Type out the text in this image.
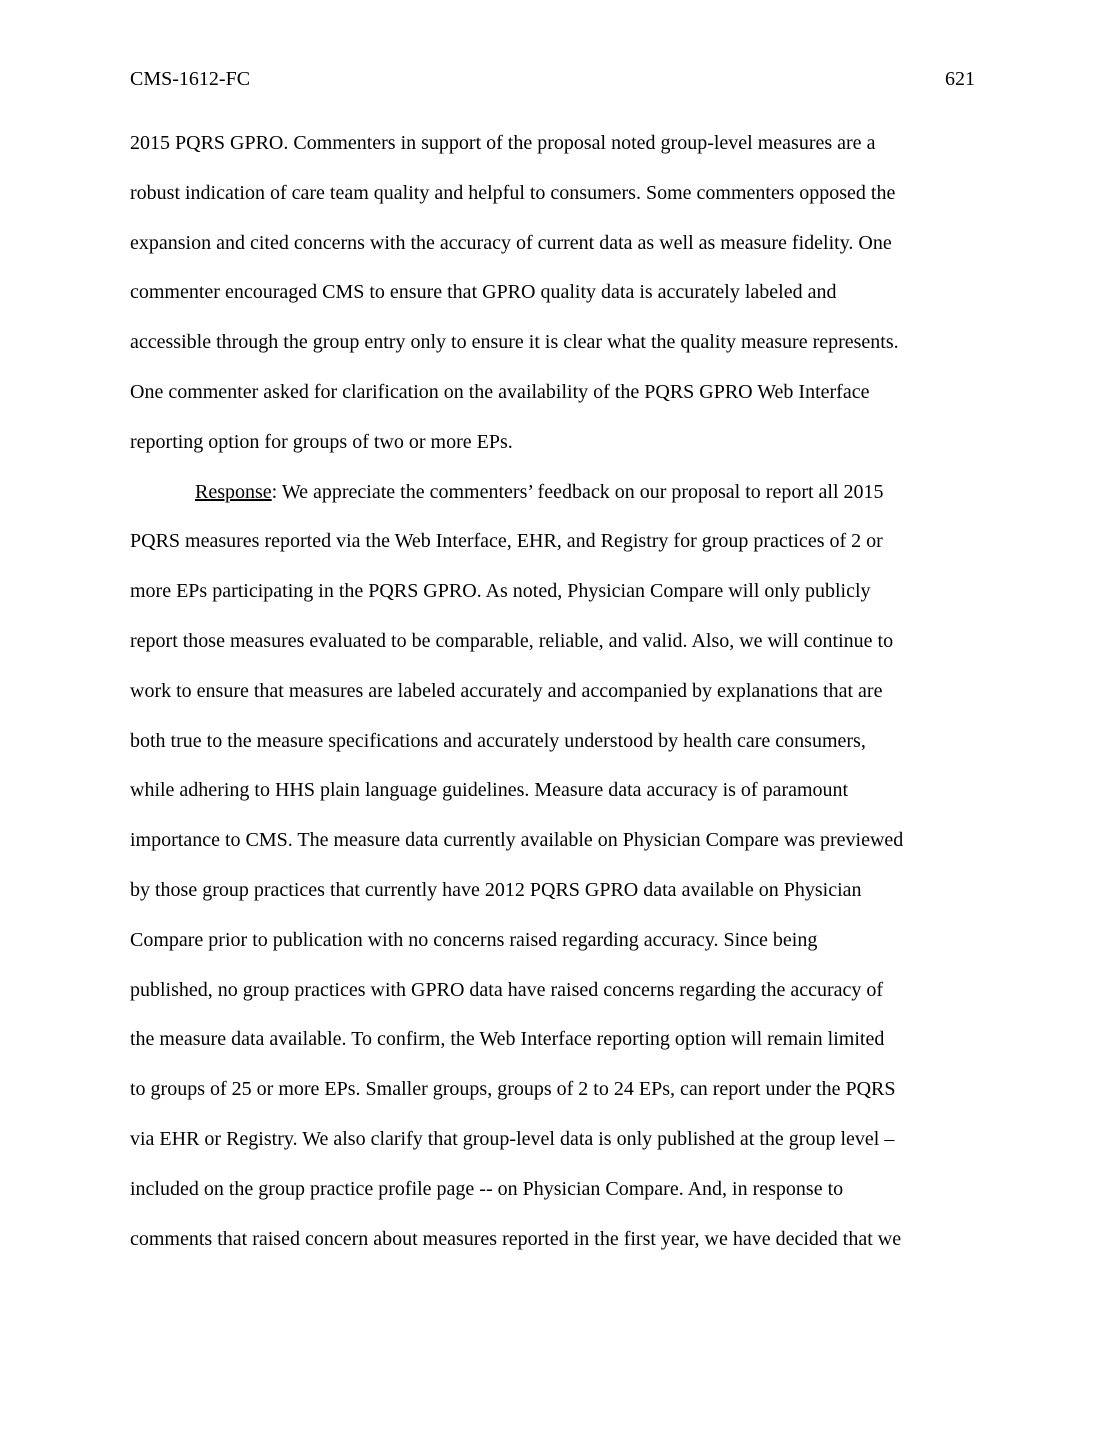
CMS-1612-FC	621
2015 PQRS GPRO. Commenters in support of the proposal noted group-level measures are a
robust indication of care team quality and helpful to consumers. Some commenters opposed the
expansion and cited concerns with the accuracy of current data as well as measure fidelity. One
commenter encouraged CMS to ensure that GPRO quality data is accurately labeled and
accessible through the group entry only to ensure it is clear what the quality measure represents.
One commenter asked for clarification on the availability of the PQRS GPRO Web Interface
reporting option for groups of two or more EPs.
Response: We appreciate the commenters’ feedback on our proposal to report all 2015
PQRS measures reported via the Web Interface, EHR, and Registry for group practices of 2 or
more EPs participating in the PQRS GPRO. As noted, Physician Compare will only publicly
report those measures evaluated to be comparable, reliable, and valid. Also, we will continue to
work to ensure that measures are labeled accurately and accompanied by explanations that are
both true to the measure specifications and accurately understood by health care consumers,
while adhering to HHS plain language guidelines. Measure data accuracy is of paramount
importance to CMS. The measure data currently available on Physician Compare was previewed
by those group practices that currently have 2012 PQRS GPRO data available on Physician
Compare prior to publication with no concerns raised regarding accuracy. Since being
published, no group practices with GPRO data have raised concerns regarding the accuracy of
the measure data available. To confirm, the Web Interface reporting option will remain limited
to groups of 25 or more EPs. Smaller groups, groups of 2 to 24 EPs, can report under the PQRS
via EHR or Registry. We also clarify that group-level data is only published at the group level –
included on the group practice profile page -- on Physician Compare. And, in response to
comments that raised concern about measures reported in the first year, we have decided that we
